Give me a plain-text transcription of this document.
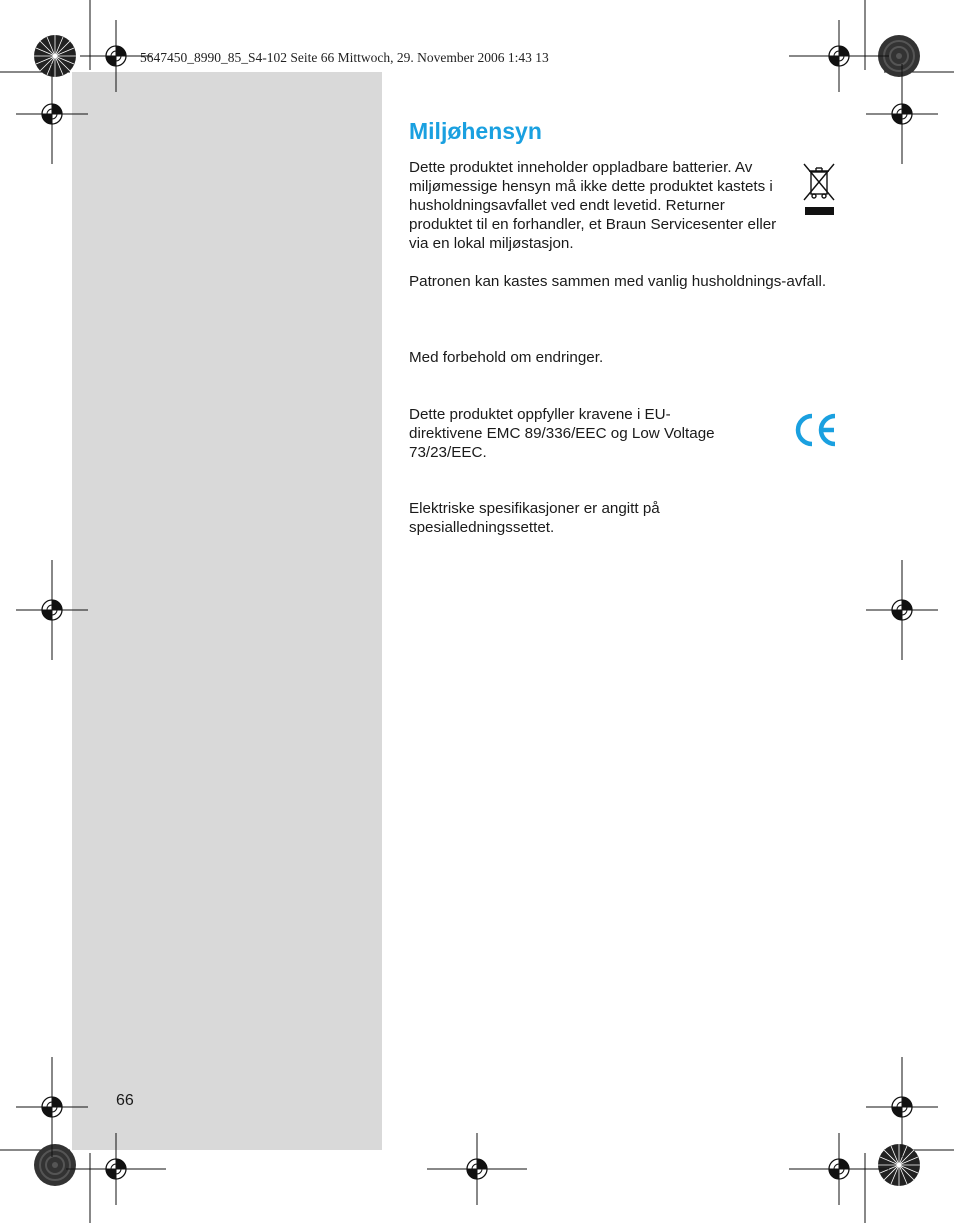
5647450_8990_85_S4-102 Seite 66 Mittwoch, 29. November 2006 1:43 13
Miljøhensyn

Dette produktet inneholder oppladbare batterier. Av miljømessige hensyn må ikke dette produktet kastets i husholdningsavfallet ved endt levetid. Returner produktet til en forhandler, et Braun Servicesenter eller via en lokal miljøstasjon.

Patronen kan kastes sammen med vanlig husholdnings-avfall.

Med forbehold om endringer.

Dette produktet oppfyller kravene i EU-direktivene EMC 89/336/EEC og Low Voltage 73/23/EEC.

Elektriske spesifikasjoner er angitt på spesialledningssettet.

66
